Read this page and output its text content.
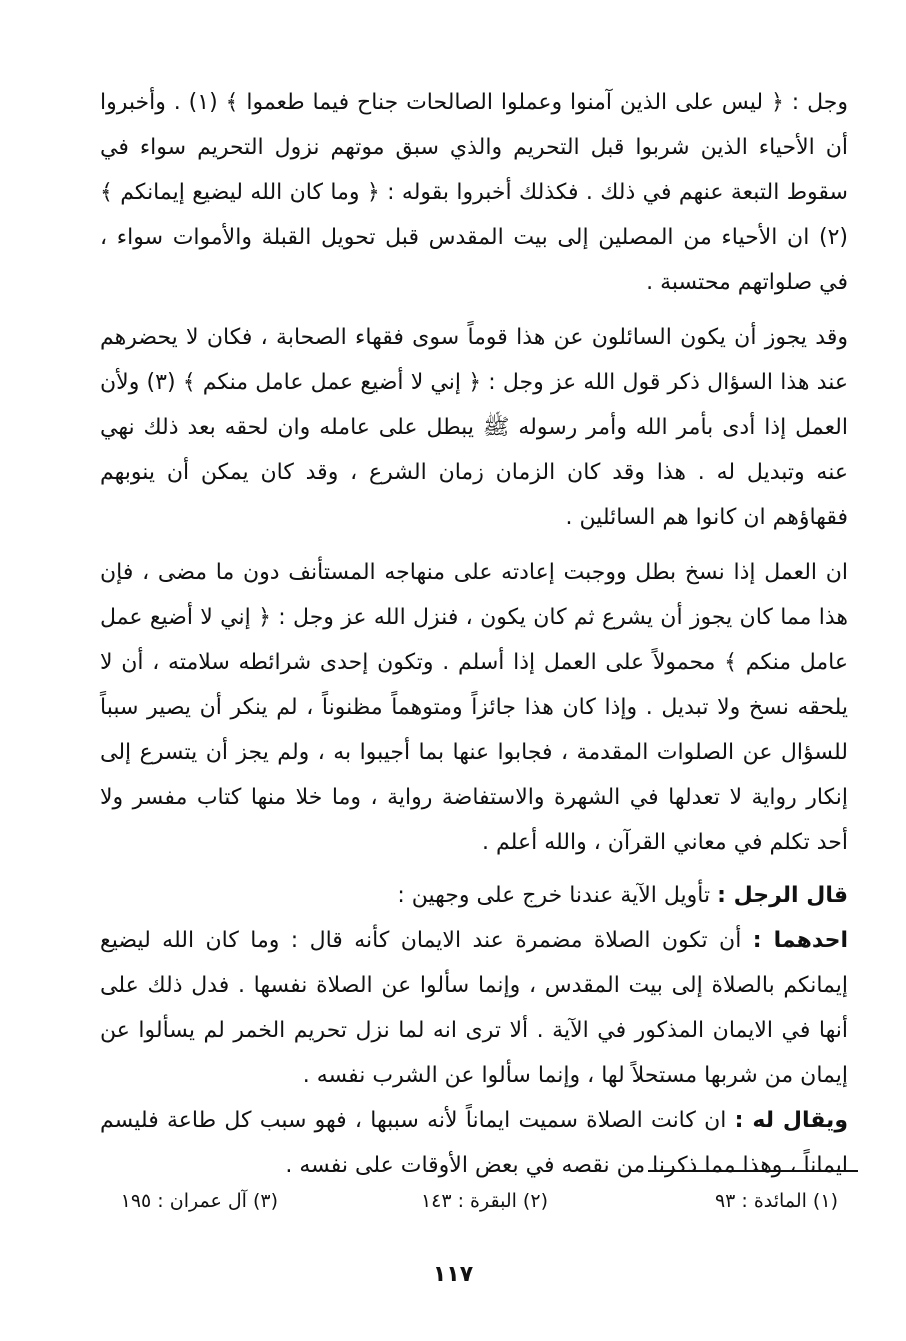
وجل : ﴿ ليس على الذين آمنوا وعملوا الصالحات جناح فيما طعموا ﴾ (١) . وأخبروا أن الأحياء الذين شربوا قبل التحريم والذي سبق موتهم نزول التحريم سواء في سقوط التبعة عنهم في ذلك . فكذلك أخبروا بقوله : ﴿ وما كان الله ليضيع إيمانكم ﴾ (٢) ان الأحياء من المصلين إلى بيت المقدس قبل تحويل القبلة والأموات سواء ، في صلواتهم محتسبة .

وقد يجوز أن يكون السائلون عن هذا قوماً سوى فقهاء الصحابة ، فكان لا يحضرهم عند هذا السؤال ذكر قول الله عز وجل : ﴿ إني لا أضيع عمل عامل منكم ﴾ (٣) ولأن العمل إذا أدى بأمر الله وأمر رسوله ﷺ يبطل على عامله وان لحقه بعد ذلك نهي عنه وتبديل له . هذا وقد كان الزمان زمان الشرع ، وقد كان يمكن أن ينوبهم فقهاؤهم ان كانوا هم السائلين .

ان العمل إذا نسخ بطل ووجبت إعادته على منهاجه المستأنف دون ما مضى ، فإن هذا مما كان يجوز أن يشرع ثم كان يكون ، فنزل الله عز وجل : ﴿ إني لا أضيع عمل عامل منكم ﴾ محمولاً على العمل إذا أسلم . وتكون إحدى شرائطه سلامته ، أن لا يلحقه نسخ ولا تبديل . وإذا كان هذا جائزاً ومتوهماً مظنوناً ، لم ينكر أن يصير سبباً للسؤال عن الصلوات المقدمة ، فجابوا عنها بما أجيبوا به ، ولم يجز أن يتسرع إلى إنكار رواية لا تعدلها في الشهرة والاستفاضة رواية ، وما خلا منها كتاب مفسر ولا أحد تكلم في معاني القرآن ، والله أعلم .

قال الرجل : تأويل الآية عندنا خرج على وجهين :

احدهما : أن تكون الصلاة مضمرة عند الايمان كأنه قال : وما كان الله ليضيع إيمانكم بالصلاة إلى بيت المقدس ، وإنما سألوا عن الصلاة نفسها . فدل ذلك على أنها في الايمان المذكور في الآية . ألا ترى انه لما نزل تحريم الخمر لم يسألوا عن إيمان من شربها مستحلاً لها ، وإنما سألوا عن الشرب نفسه .

ويقال له : ان كانت الصلاة سميت ايماناً لأنه سببها ، فهو سبب كل طاعة فليسم ايماناً ، وهذا مما ذكرنا من نقصه في بعض الأوقات على نفسه .

(١) المائدة : ٩٣
(٢) البقرة : ١٤٣
(٣) آل عمران : ١٩٥
١١٧
